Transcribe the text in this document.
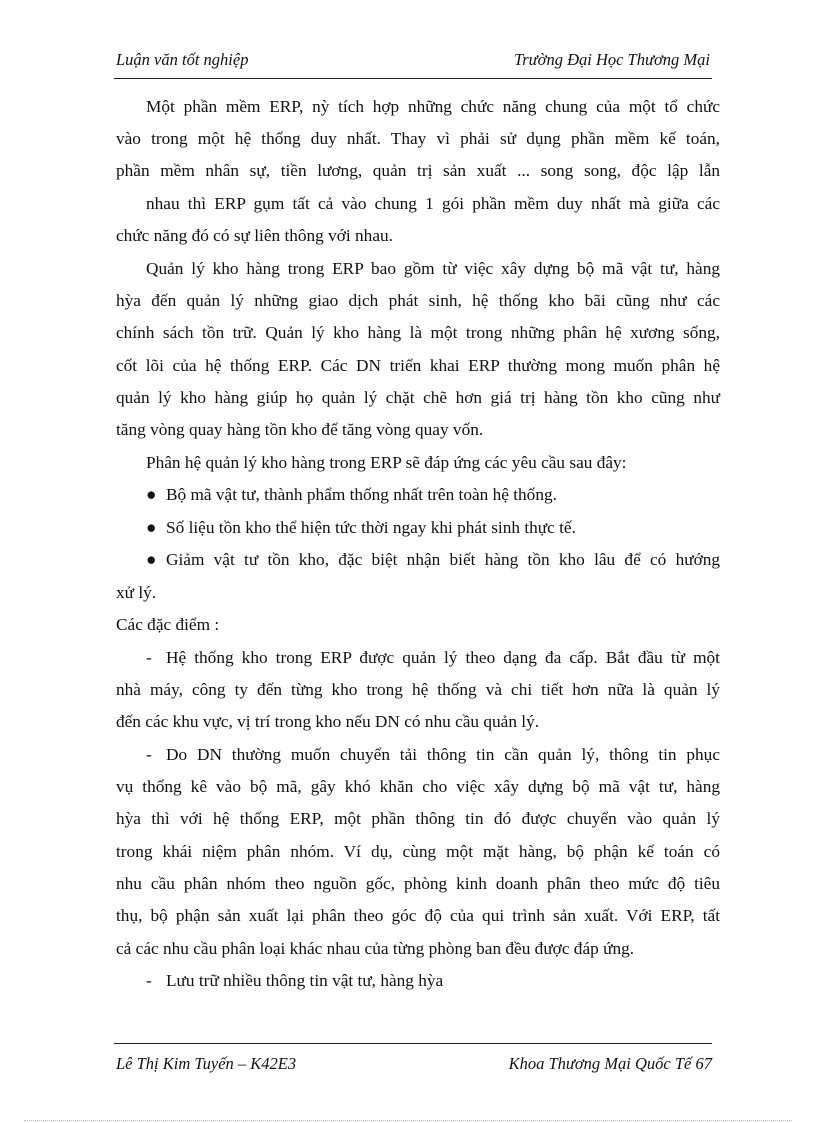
Luận văn tốt nghiệp	Trường Đại Học Thương Mại
Một phần mềm ERP, nỳ tích hợp những chức năng chung của một tổ chức
vào trong một hệ thống duy nhất. Thay vì phải sử dụng phần mềm kế toán,
phần mềm nhân sự, tiền lương, quản trị sản xuất ... song song, độc lập lẫn
nhau thì ERP gụm tất cả vào chung 1 gói phần mềm duy nhất mà giữa các
chức năng đó có sự liên thông với nhau.
Quản lý kho hàng trong ERP bao gồm từ việc xây dựng bộ mã vật tư, hàng
hỳa đến quản lý những giao dịch phát sinh, hệ thống kho bãi cũng như các
chính sách tồn trữ. Quản lý kho hàng là một trong những phân hệ xương sống,
cốt lõi của hệ thống ERP. Các DN triển khai ERP thường mong muốn phân hệ
quản lý kho hàng giúp họ quản lý chặt chẽ hơn giá trị hàng tồn kho cũng như
tăng vòng quay hàng tồn kho để tăng vòng quay vốn.
Phân hệ quản lý kho hàng trong ERP sẽ đáp ứng các yêu cầu sau đây:
● Bộ mã vật tư, thành phẩm thống nhất trên toàn hệ thống.
● Số liệu tồn kho thể hiện tức thời ngay khi phát sinh thực tế.
● Giảm vật tư tồn kho, đặc biệt nhận biết hàng tồn kho lâu để có hướng
xử lý.
Các đặc điểm :
- Hệ thống kho trong ERP được quản lý theo dạng đa cấp. Bắt đầu từ một
nhà máy, công ty đến từng kho trong hệ thống và chi tiết hơn nữa là quản lý
đến các khu vực, vị trí trong kho nếu DN có nhu cầu quản lý.
- Do DN thường muốn chuyển tải thông tin cần quản lý, thông tin phục
vụ thống kê vào bộ mã, gây khó khăn cho việc xây dựng bộ mã vật tư, hàng
hỳa thì với hệ thống ERP, một phần thông tin đó được chuyển vào quản lý
trong khái niệm phân nhóm. Ví dụ, cùng một mặt hàng, bộ phận kế toán có
nhu cầu phân nhóm theo nguồn gốc, phòng kinh doanh phân theo mức độ tiêu
thụ, bộ phận sản xuất lại phân theo góc độ của qui trình sản xuất. Với ERP, tất
cả các nhu cầu phân loại khác nhau của từng phòng ban đều được đáp ứng.
- Lưu trữ nhiều thông tin vật tư, hàng hỳa
Lê Thị Kim Tuyến – K42E3	Khoa Thương Mại Quốc Tế 67
